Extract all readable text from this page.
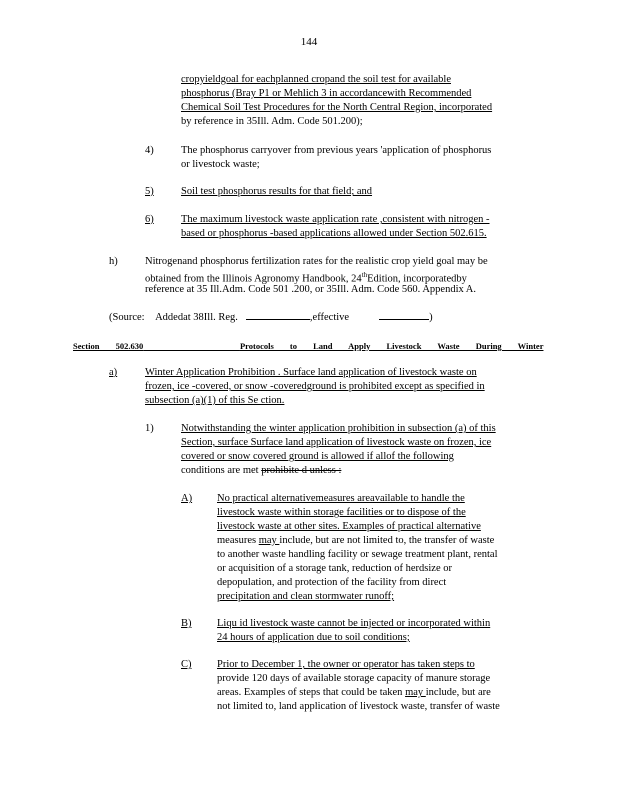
144
cropyieldgoal for eachplanned cropand the soil test for available
phosphorus (Bray P1 or Mehlich 3 in accordancewith Recommended
Chemical Soil Test Procedures for the North Central Region, incorporated
by reference in 35Ill. Adm. Code 501.200);
4)	The phosphorus carryover from previous years 'application of phosphorus
or livestock waste;
5)	Soil test phosphorus results for that field; and
6)	The maximum livestock waste application rate ,consistent with nitrogen -
based or phosphorus -based applications allowed under Section 502.615.
h)	Nitrogenand phosphorus fertilization rates for the realistic crop yield goal may be
obtained from the Illinois Agronomy Handbook, 24thEdition, incorporatedby
reference at 35 Ill.Adm. Code 501 .200, or 35Ill. Adm. Code 560. Appendix A.
(Source: Addedat 38Ill. Reg.	,effective	)
Section 502.630	Protocols to Land Apply Livestock Waste During Winter
a)	Winter Application Prohibition . Surface land application of livestock waste on
frozen, ice -covered, or snow -coveredground is prohibited except as specified in
subsection (a)(1) of this Se ction.
1)	Notwithstanding the winter application prohibition in subsection (a) of this
Section, surface Surface land application of livestock waste on frozen, ice
covered or snow covered ground is allowed if allof the following
conditions are met prohibite d unless :
A) No practical alternativemeasures areavailable to handle the
livestock waste within storage facilities or to dispose of the
livestock waste at other sites. Examples of practical alternative
measures may include, but are not limited to, the transfer of waste
to another waste handling facility or sewage treatment plant, rental
or acquisition of a storage tank, reduction of herdsize or
depopulation, and protection of the facility from direct
precipitation and clean stormwater runoff;
B) Liqu id livestock waste cannot be injected or incorporated within
24 hours of application due to soil conditions;
C) Prior to December 1, the owner or operator has taken steps to
provide 120 days of available storage capacity of manure storage
areas. Examples of steps that could be taken may include, but are
not limited to, land application of livestock waste, transfer of waste
